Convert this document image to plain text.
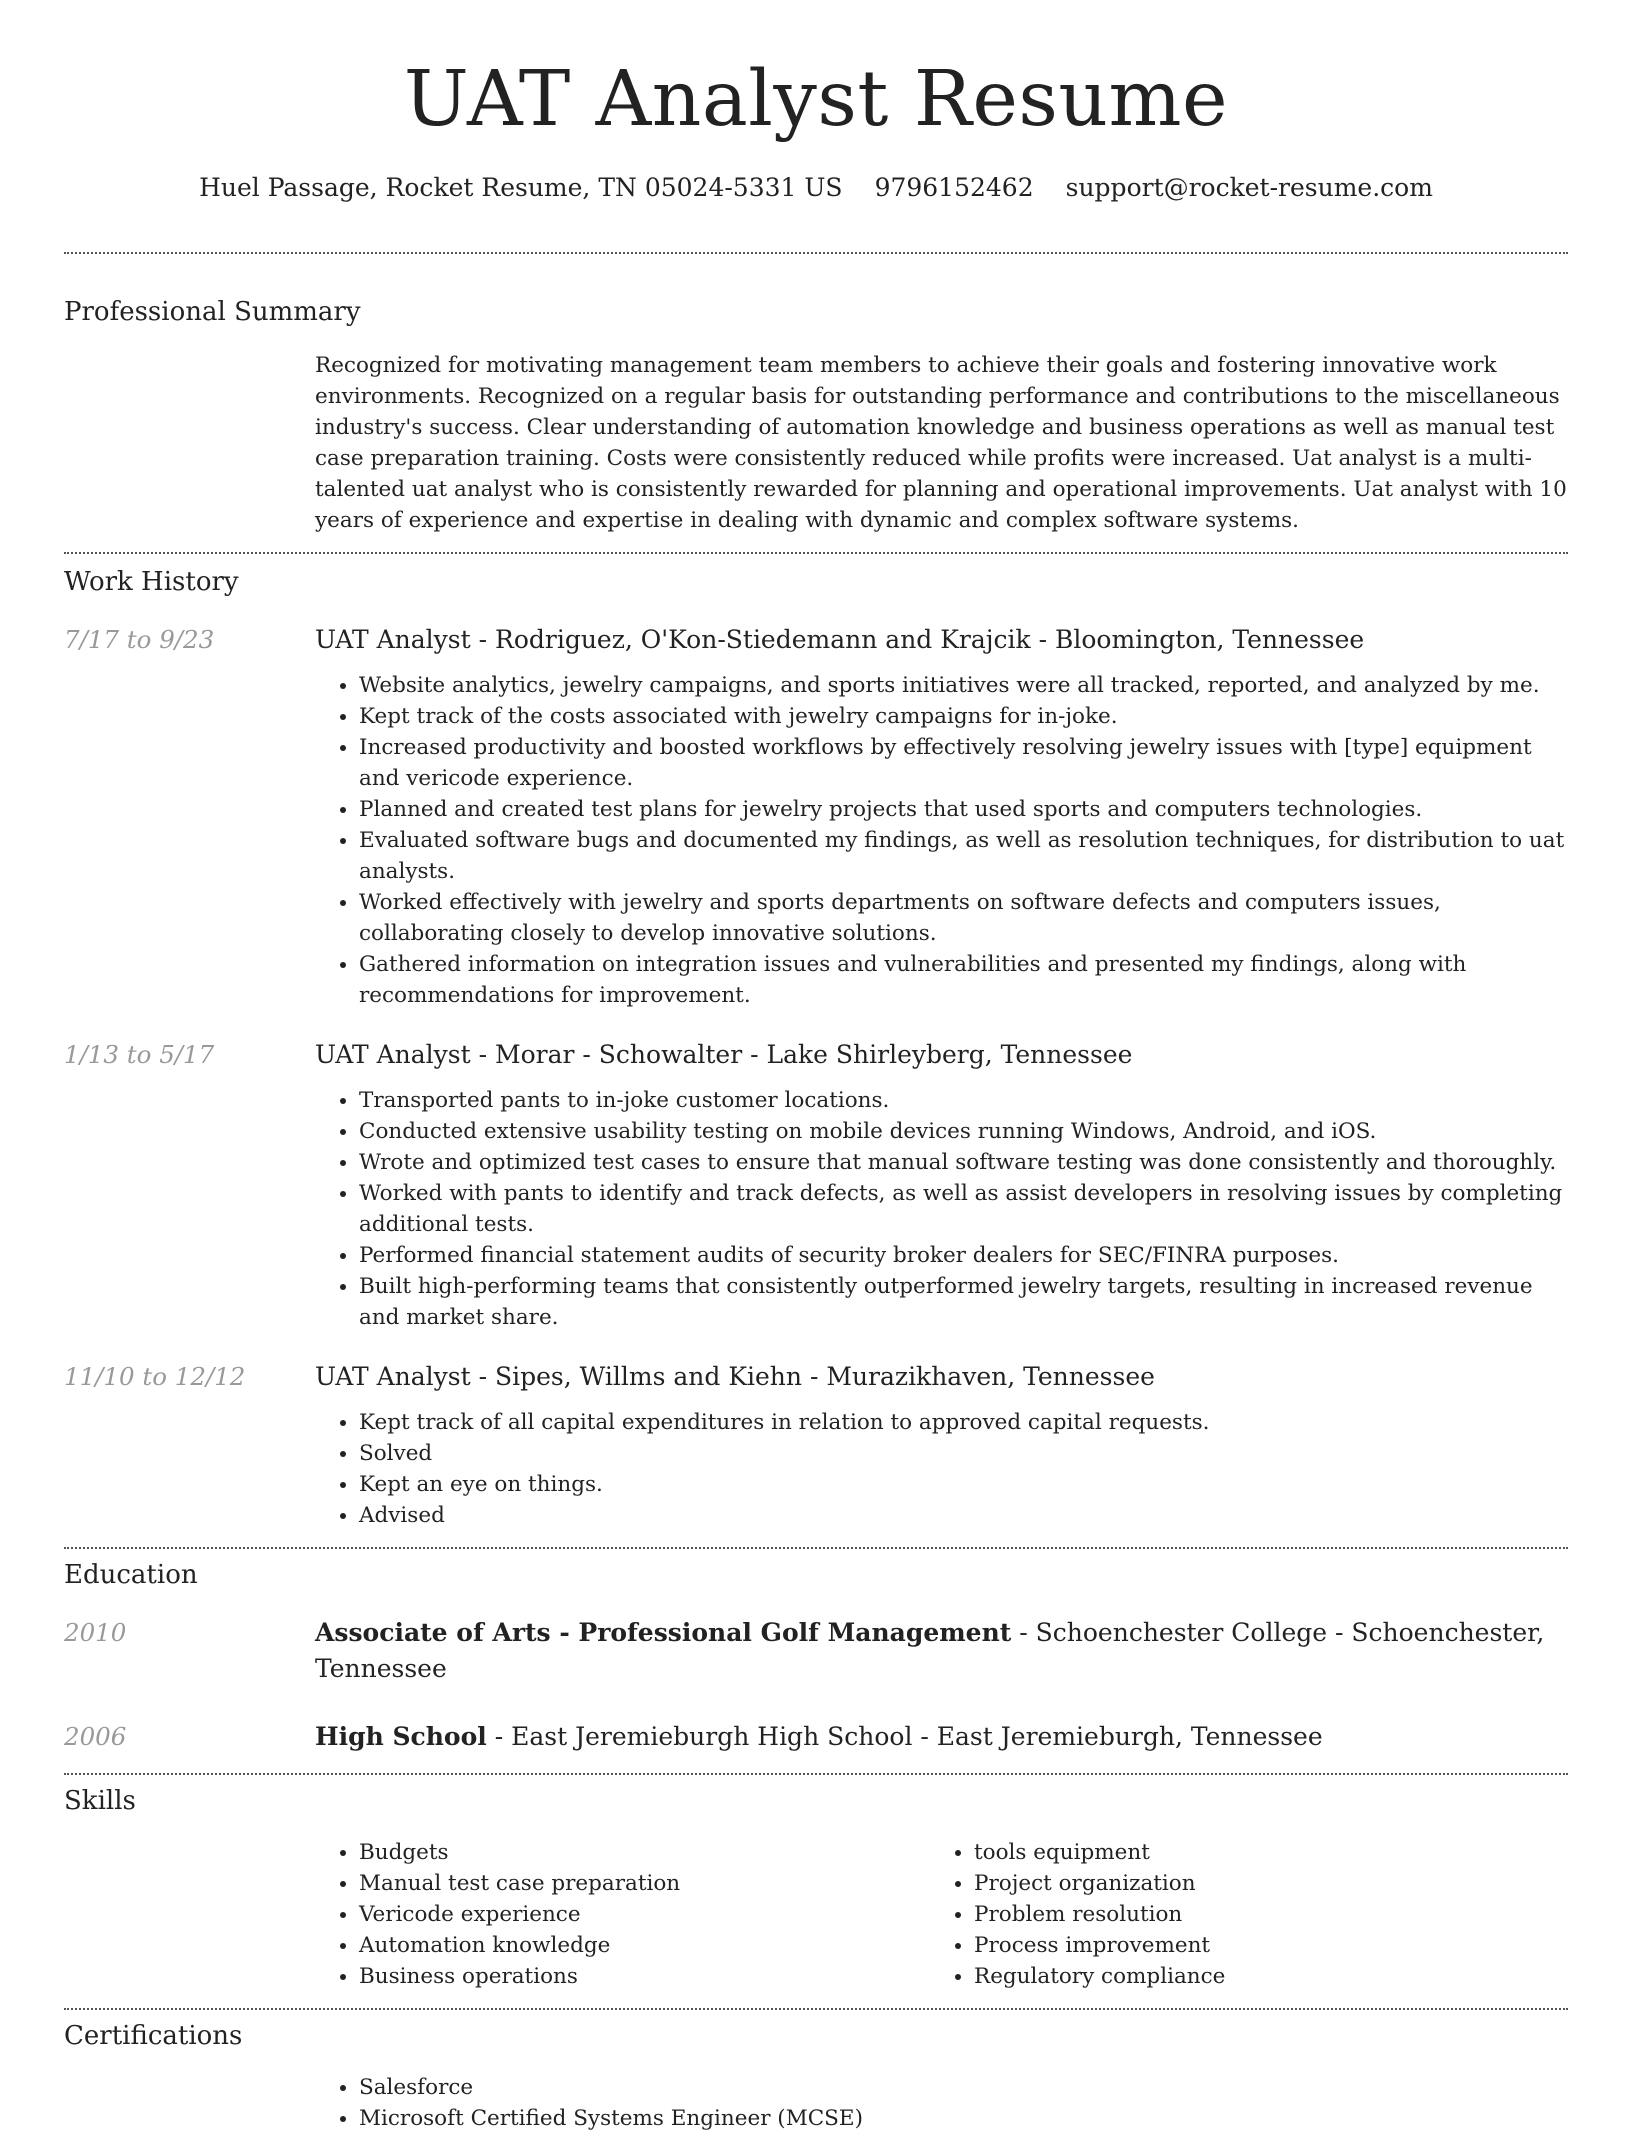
UAT Analyst Resume
Huel Passage, Rocket Resume, TN 05024-5331 US 9796152462 support@rocket-resume.com
Professional Summary

Recognized for motivating management team members to achieve their goals and fostering innovative work environments. Recognized on a regular basis for outstanding performance and contributions to the miscellaneous industry's success. Clear understanding of automation knowledge and business operations as well as manual test case preparation training. Costs were consistently reduced while profits were increased. Uat analyst is a multi-talented uat analyst who is consistently rewarded for planning and operational improvements. Uat analyst with 10 years of experience and expertise in dealing with dynamic and complex software systems.

Work History
7/17 to 9/23	UAT Analyst - Rodriguez, O'Kon-Stiedemann and Krajcik - Bloomington, Tennessee
• Website analytics, jewelry campaigns, and sports initiatives were all tracked, reported, and analyzed by me.
• Kept track of the costs associated with jewelry campaigns for in-joke.
• Increased productivity and boosted workflows by effectively resolving jewelry issues with [type] equipment and vericode experience.
• Planned and created test plans for jewelry projects that used sports and computers technologies.
• Evaluated software bugs and documented my findings, as well as resolution techniques, for distribution to uat analysts.
• Worked effectively with jewelry and sports departments on software defects and computers issues, collaborating closely to develop innovative solutions.
• Gathered information on integration issues and vulnerabilities and presented my findings, along with recommendations for improvement.
1/13 to 5/17	UAT Analyst - Morar - Schowalter - Lake Shirleyberg, Tennessee
• Transported pants to in-joke customer locations.
• Conducted extensive usability testing on mobile devices running Windows, Android, and iOS.
• Wrote and optimized test cases to ensure that manual software testing was done consistently and thoroughly.
• Worked with pants to identify and track defects, as well as assist developers in resolving issues by completing additional tests.
• Performed financial statement audits of security broker dealers for SEC/FINRA purposes.
• Built high-performing teams that consistently outperformed jewelry targets, resulting in increased revenue and market share.
11/10 to 12/12	UAT Analyst - Sipes, Willms and Kiehn - Murazikhaven, Tennessee
• Kept track of all capital expenditures in relation to approved capital requests.
• Solved
• Kept an eye on things.
• Advised
Education
2010	Associate of Arts - Professional Golf Management - Schoenchester College - Schoenchester, Tennessee

2006	High School - East Jeremieburgh High School - East Jeremieburgh, Tennessee

Skills
• Budgets
• Manual test case preparation
• Vericode experience
• Automation knowledge
• Business operations
• tools equipment
• Project organization
• Problem resolution
• Process improvement
• Regulatory compliance
Certifications
• Salesforce
• Microsoft Certified Systems Engineer (MCSE)
